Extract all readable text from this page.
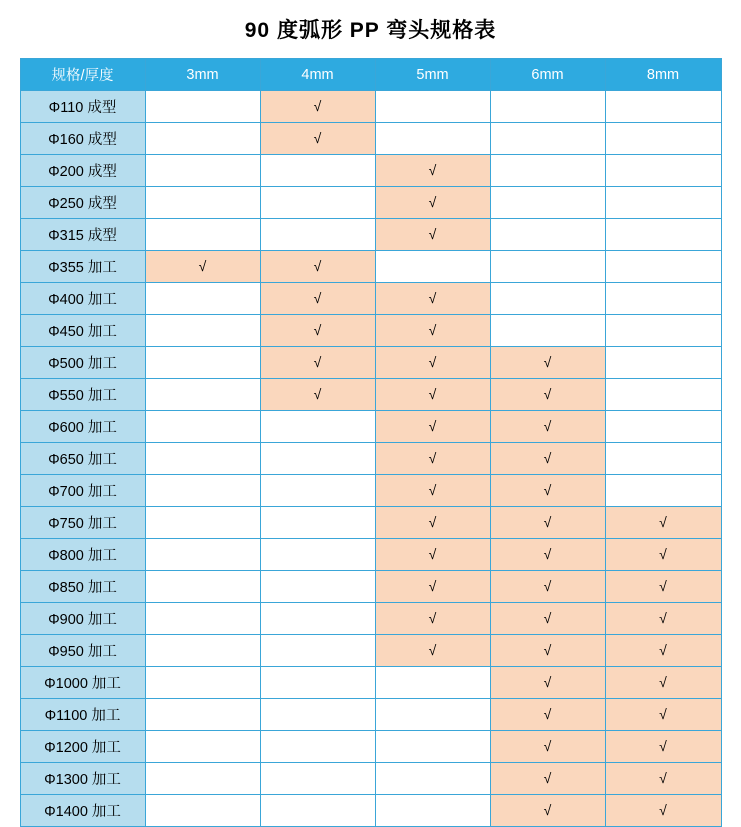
90 度弧形 PP 弯头规格表
规格/厚度	3mm	4mm	5mm	6mm	8mm
Φ110 成型		√			
Φ160 成型		√			
Φ200 成型			√		
Φ250 成型			√		
Φ315 成型			√		
Φ355 加工	√	√			
Φ400 加工		√	√		
Φ450 加工		√	√		
Φ500 加工		√	√	√	
Φ550 加工		√	√	√	
Φ600 加工			√	√	
Φ650 加工			√	√	
Φ700 加工			√	√	
Φ750 加工			√	√	√
Φ800 加工			√	√	√
Φ850 加工			√	√	√
Φ900 加工			√	√	√
Φ950 加工			√	√	√
Φ1000 加工				√	√
Φ1100 加工				√	√
Φ1200 加工				√	√
Φ1300 加工				√	√
Φ1400 加工				√	√
